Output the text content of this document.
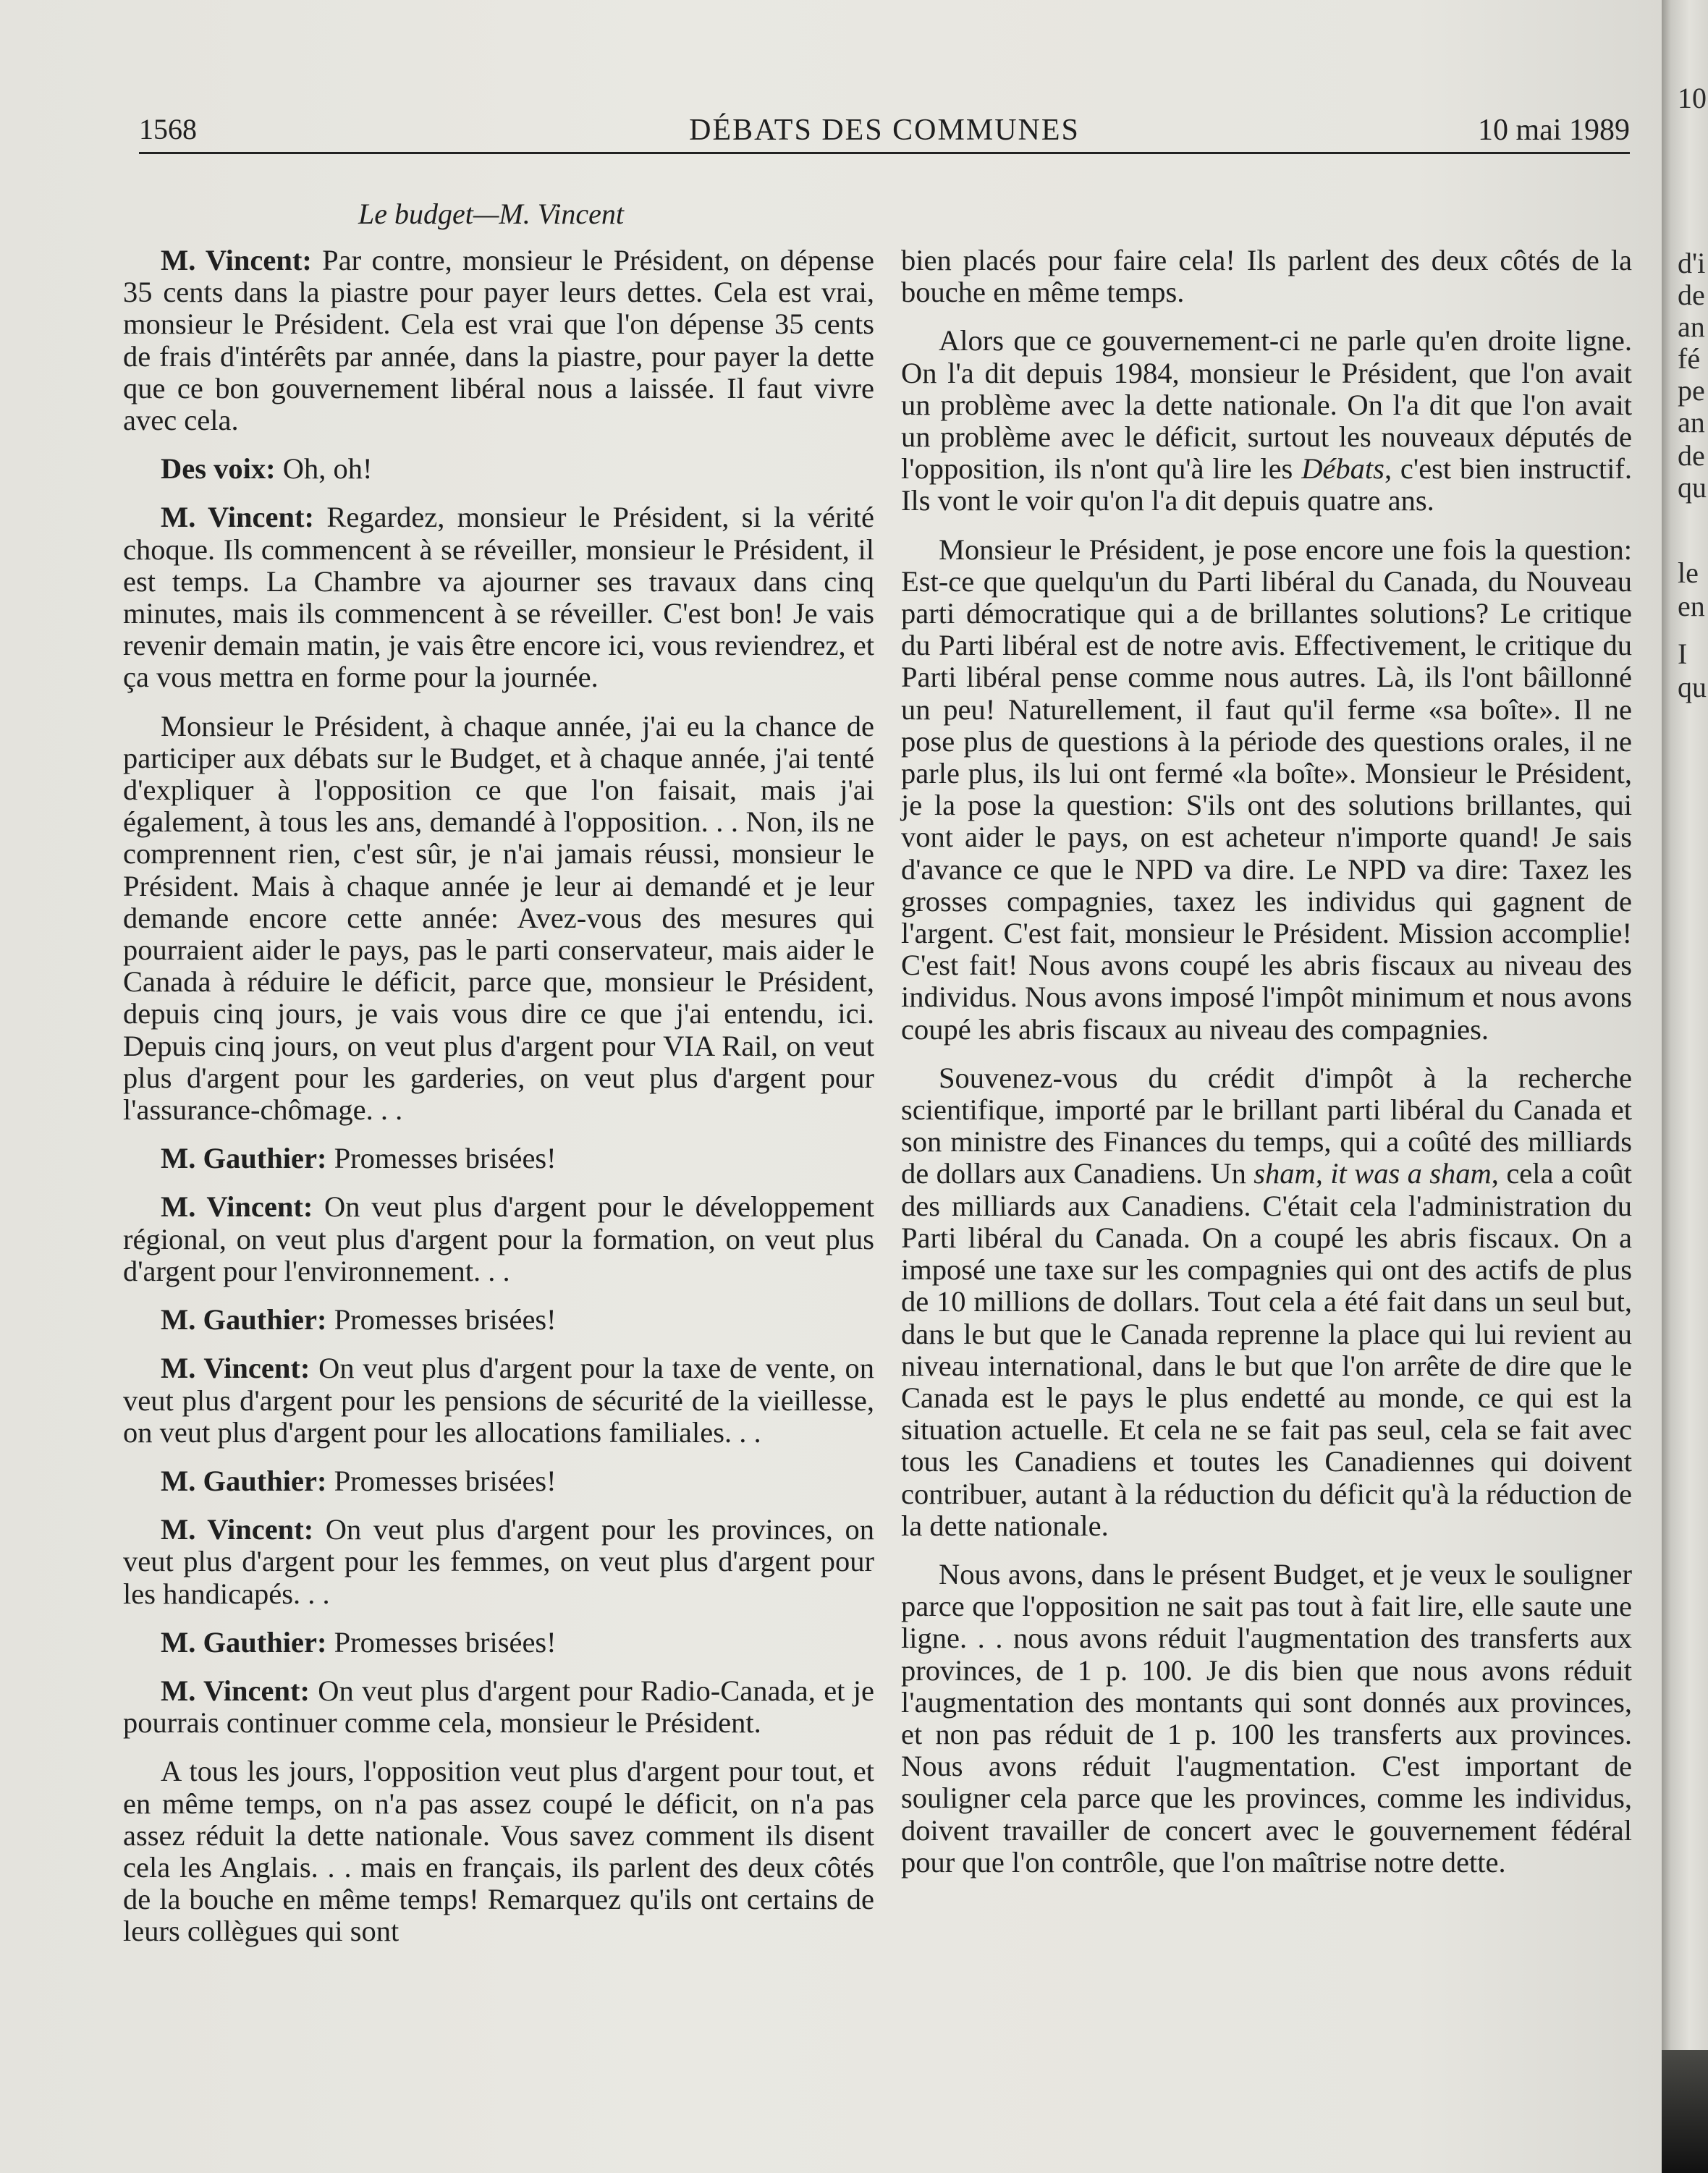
1568	DÉBATS DES COMMUNES	10 mai 1989
Le budget—M. Vincent

M. Vincent: Par contre, monsieur le Président, on dépense 35 cents dans la piastre pour payer leurs dettes. Cela est vrai, monsieur le Président. Cela est vrai que l'on dépense 35 cents de frais d'intérêts par année, dans la piastre, pour payer la dette que ce bon gouvernement libéral nous a laissée. Il faut vivre avec cela.

Des voix: Oh, oh!

M. Vincent: Regardez, monsieur le Président, si la vérité choque. Ils commencent à se réveiller, monsieur le Président, il est temps. La Chambre va ajourner ses travaux dans cinq minutes, mais ils commencent à se réveiller. C'est bon! Je vais revenir demain matin, je vais être encore ici, vous reviendrez, et ça vous mettra en forme pour la journée.

Monsieur le Président, à chaque année, j'ai eu la chance de participer aux débats sur le Budget, et à chaque année, j'ai tenté d'expliquer à l'opposition ce que l'on faisait, mais j'ai également, à tous les ans, demandé à l'opposition. . . Non, ils ne comprennent rien, c'est sûr, je n'ai jamais réussi, monsieur le Président. Mais à chaque année je leur ai demandé et je leur demande encore cette année: Avez-vous des mesures qui pourraient aider le pays, pas le parti conservateur, mais aider le Canada à réduire le déficit, parce que, monsieur le Président, depuis cinq jours, je vais vous dire ce que j'ai entendu, ici. Depuis cinq jours, on veut plus d'argent pour VIA Rail, on veut plus d'argent pour les garderies, on veut plus d'argent pour l'assurance-chômage. . .

M. Gauthier: Promesses brisées!

M. Vincent: On veut plus d'argent pour le développement régional, on veut plus d'argent pour la formation, on veut plus d'argent pour l'environnement. . .

M. Gauthier: Promesses brisées!

M. Vincent: On veut plus d'argent pour la taxe de vente, on veut plus d'argent pour les pensions de sécurité de la vieillesse, on veut plus d'argent pour les allocations familiales. . .

M. Gauthier: Promesses brisées!

M. Vincent: On veut plus d'argent pour les provinces, on veut plus d'argent pour les femmes, on veut plus d'argent pour les handicapés. . .

M. Gauthier: Promesses brisées!

M. Vincent: On veut plus d'argent pour Radio-Canada, et je pourrais continuer comme cela, monsieur le Président.

A tous les jours, l'opposition veut plus d'argent pour tout, et en même temps, on n'a pas assez coupé le déficit, on n'a pas assez réduit la dette nationale. Vous savez comment ils disent cela les Anglais. . . mais en français, ils parlent des deux côtés de la bouche en même temps! Remarquez qu'ils ont certains de leurs collègues qui sont

bien placés pour faire cela! Ils parlent des deux côtés de la bouche en même temps.

Alors que ce gouvernement-ci ne parle qu'en droite ligne. On l'a dit depuis 1984, monsieur le Président, que l'on avait un problème avec la dette nationale. On l'a dit que l'on avait un problème avec le déficit, surtout les nouveaux députés de l'opposition, ils n'ont qu'à lire les Débats, c'est bien instructif. Ils vont le voir qu'on l'a dit depuis quatre ans.

Monsieur le Président, je pose encore une fois la question: Est-ce que quelqu'un du Parti libéral du Canada, du Nouveau parti démocratique qui a de brillantes solutions? Le critique du Parti libéral est de notre avis. Effectivement, le critique du Parti libéral pense comme nous autres. Là, ils l'ont bâillonné un peu! Naturellement, il faut qu'il ferme «sa boîte». Il ne pose plus de questions à la période des questions orales, il ne parle plus, ils lui ont fermé «la boîte». Monsieur le Président, je la pose la question: S'ils ont des solutions brillantes, qui vont aider le pays, on est acheteur n'importe quand! Je sais d'avance ce que le NPD va dire. Le NPD va dire: Taxez les grosses compagnies, taxez les individus qui gagnent de l'argent. C'est fait, monsieur le Président. Mission accomplie! C'est fait! Nous avons coupé les abris fiscaux au niveau des individus. Nous avons imposé l'impôt minimum et nous avons coupé les abris fiscaux au niveau des compagnies.

Souvenez-vous du crédit d'impôt à la recherche scientifique, importé par le brillant parti libéral du Canada et son ministre des Finances du temps, qui a coûté des milliards de dollars aux Canadiens. Un sham, it was a sham, cela a coût des milliards aux Canadiens. C'était cela l'administration du Parti libéral du Canada. On a coupé les abris fiscaux. On a imposé une taxe sur les compagnies qui ont des actifs de plus de 10 millions de dollars. Tout cela a été fait dans un seul but, dans le but que le Canada reprenne la place qui lui revient au niveau international, dans le but que l'on arrête de dire que le Canada est le pays le plus endetté au monde, ce qui est la situation actuelle. Et cela ne se fait pas seul, cela se fait avec tous les Canadiens et toutes les Canadiennes qui doivent contribuer, autant à la réduction du déficit qu'à la réduction de la dette nationale.

Nous avons, dans le présent Budget, et je veux le souligner parce que l'opposition ne sait pas tout à fait lire, elle saute une ligne. . . nous avons réduit l'augmentation des transferts aux provinces, de 1 p. 100. Je dis bien que nous avons réduit l'augmentation des montants qui sont donnés aux provinces, et non pas réduit de 1 p. 100 les transferts aux provinces. Nous avons réduit l'augmentation. C'est important de souligner cela parce que les provinces, comme les individus, doivent travailler de concert avec le gouvernement fédéral pour que l'on contrôle, que l'on maîtrise notre dette.

10
d'i
de
an
fé
pe
an
de
qu
le
en
I
qu
